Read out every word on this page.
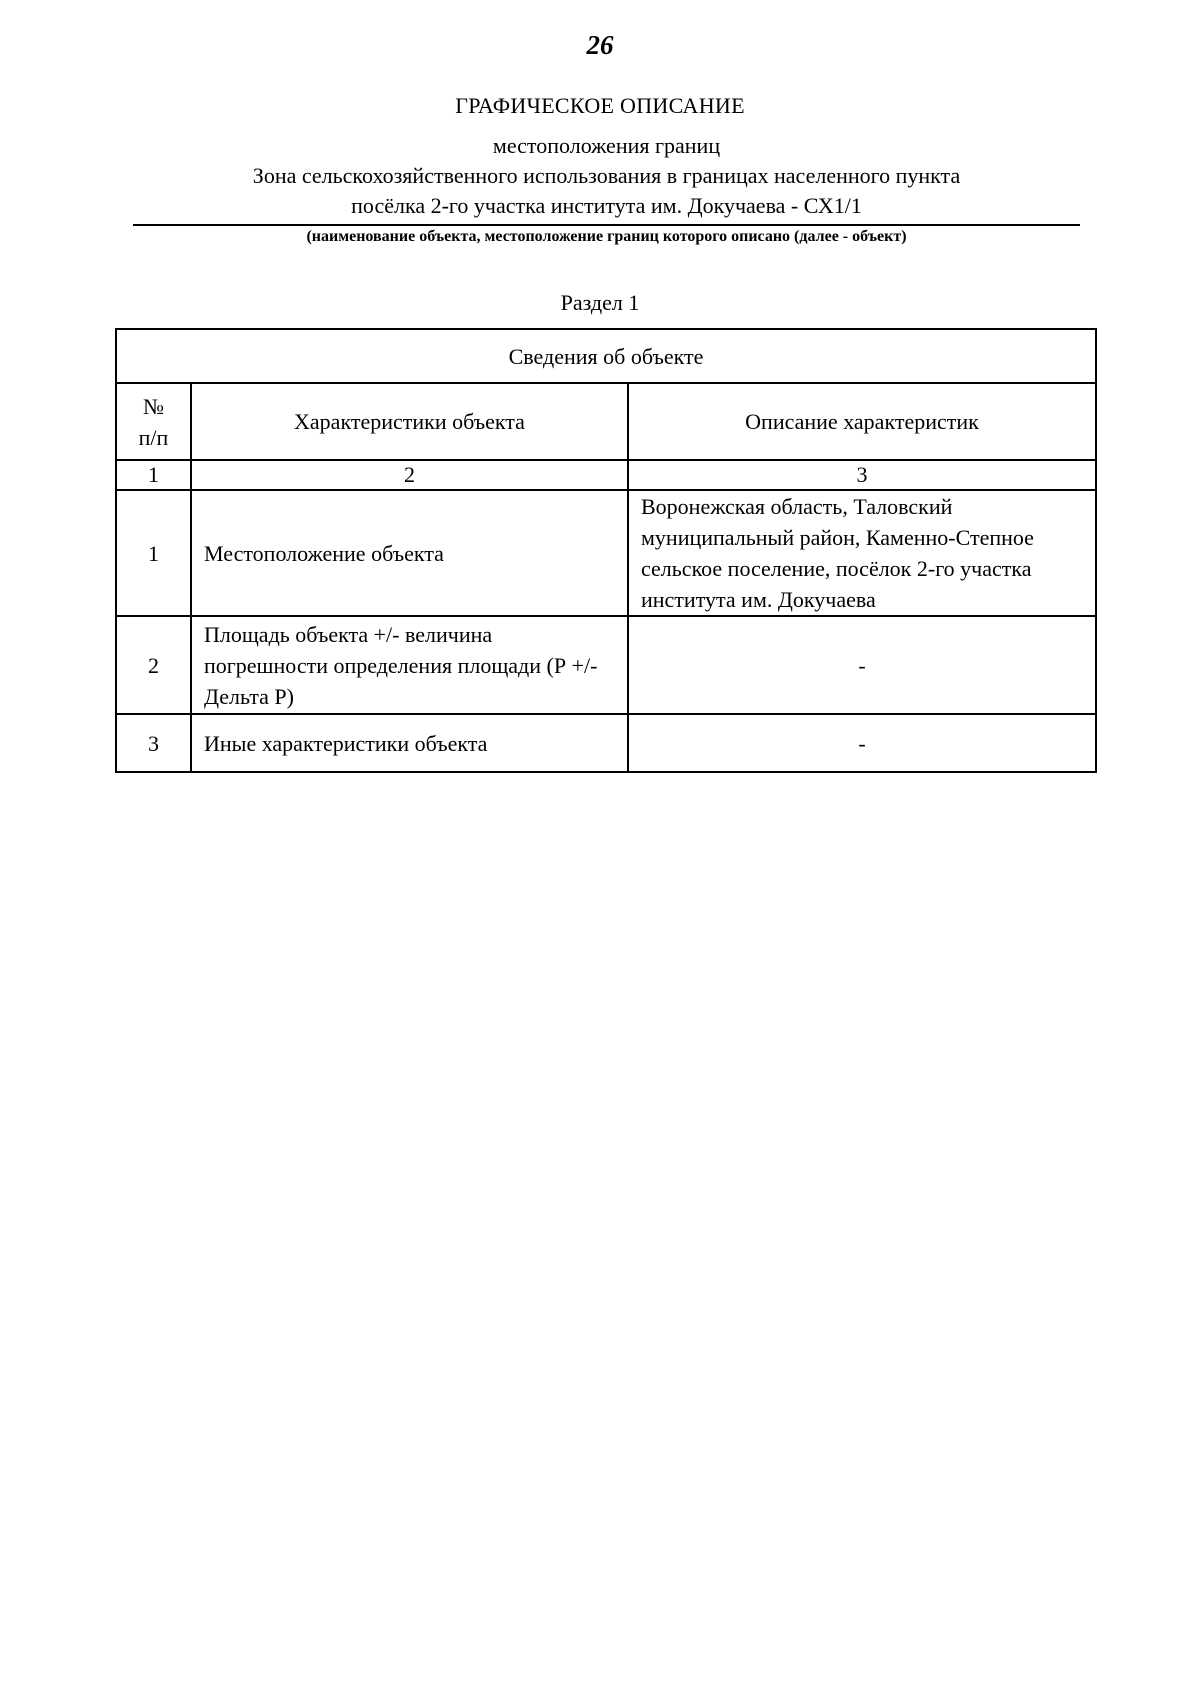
26
ГРАФИЧЕСКОЕ ОПИСАНИЕ
местоположения границ
Зона сельскохозяйственного использования в границах населенного пункта
посёлка 2-го участка института им. Докучаева - СХ1/1
(наименование объекта, местоположение границ которого описано (далее - объект)
Раздел 1
Сведения об объекте		
№
п/п	Характеристики объекта	Описание характеристик
1	2	3
1	Местоположение объекта	Воронежская область, Таловский муниципальный район, Каменно-Степное сельское поселение, посёлок 2-го участка института им. Докучаева
2	Площадь объекта +/- величина погрешности определения площади (Р +/- Дельта Р)	-
3	Иные характеристики объекта	-
